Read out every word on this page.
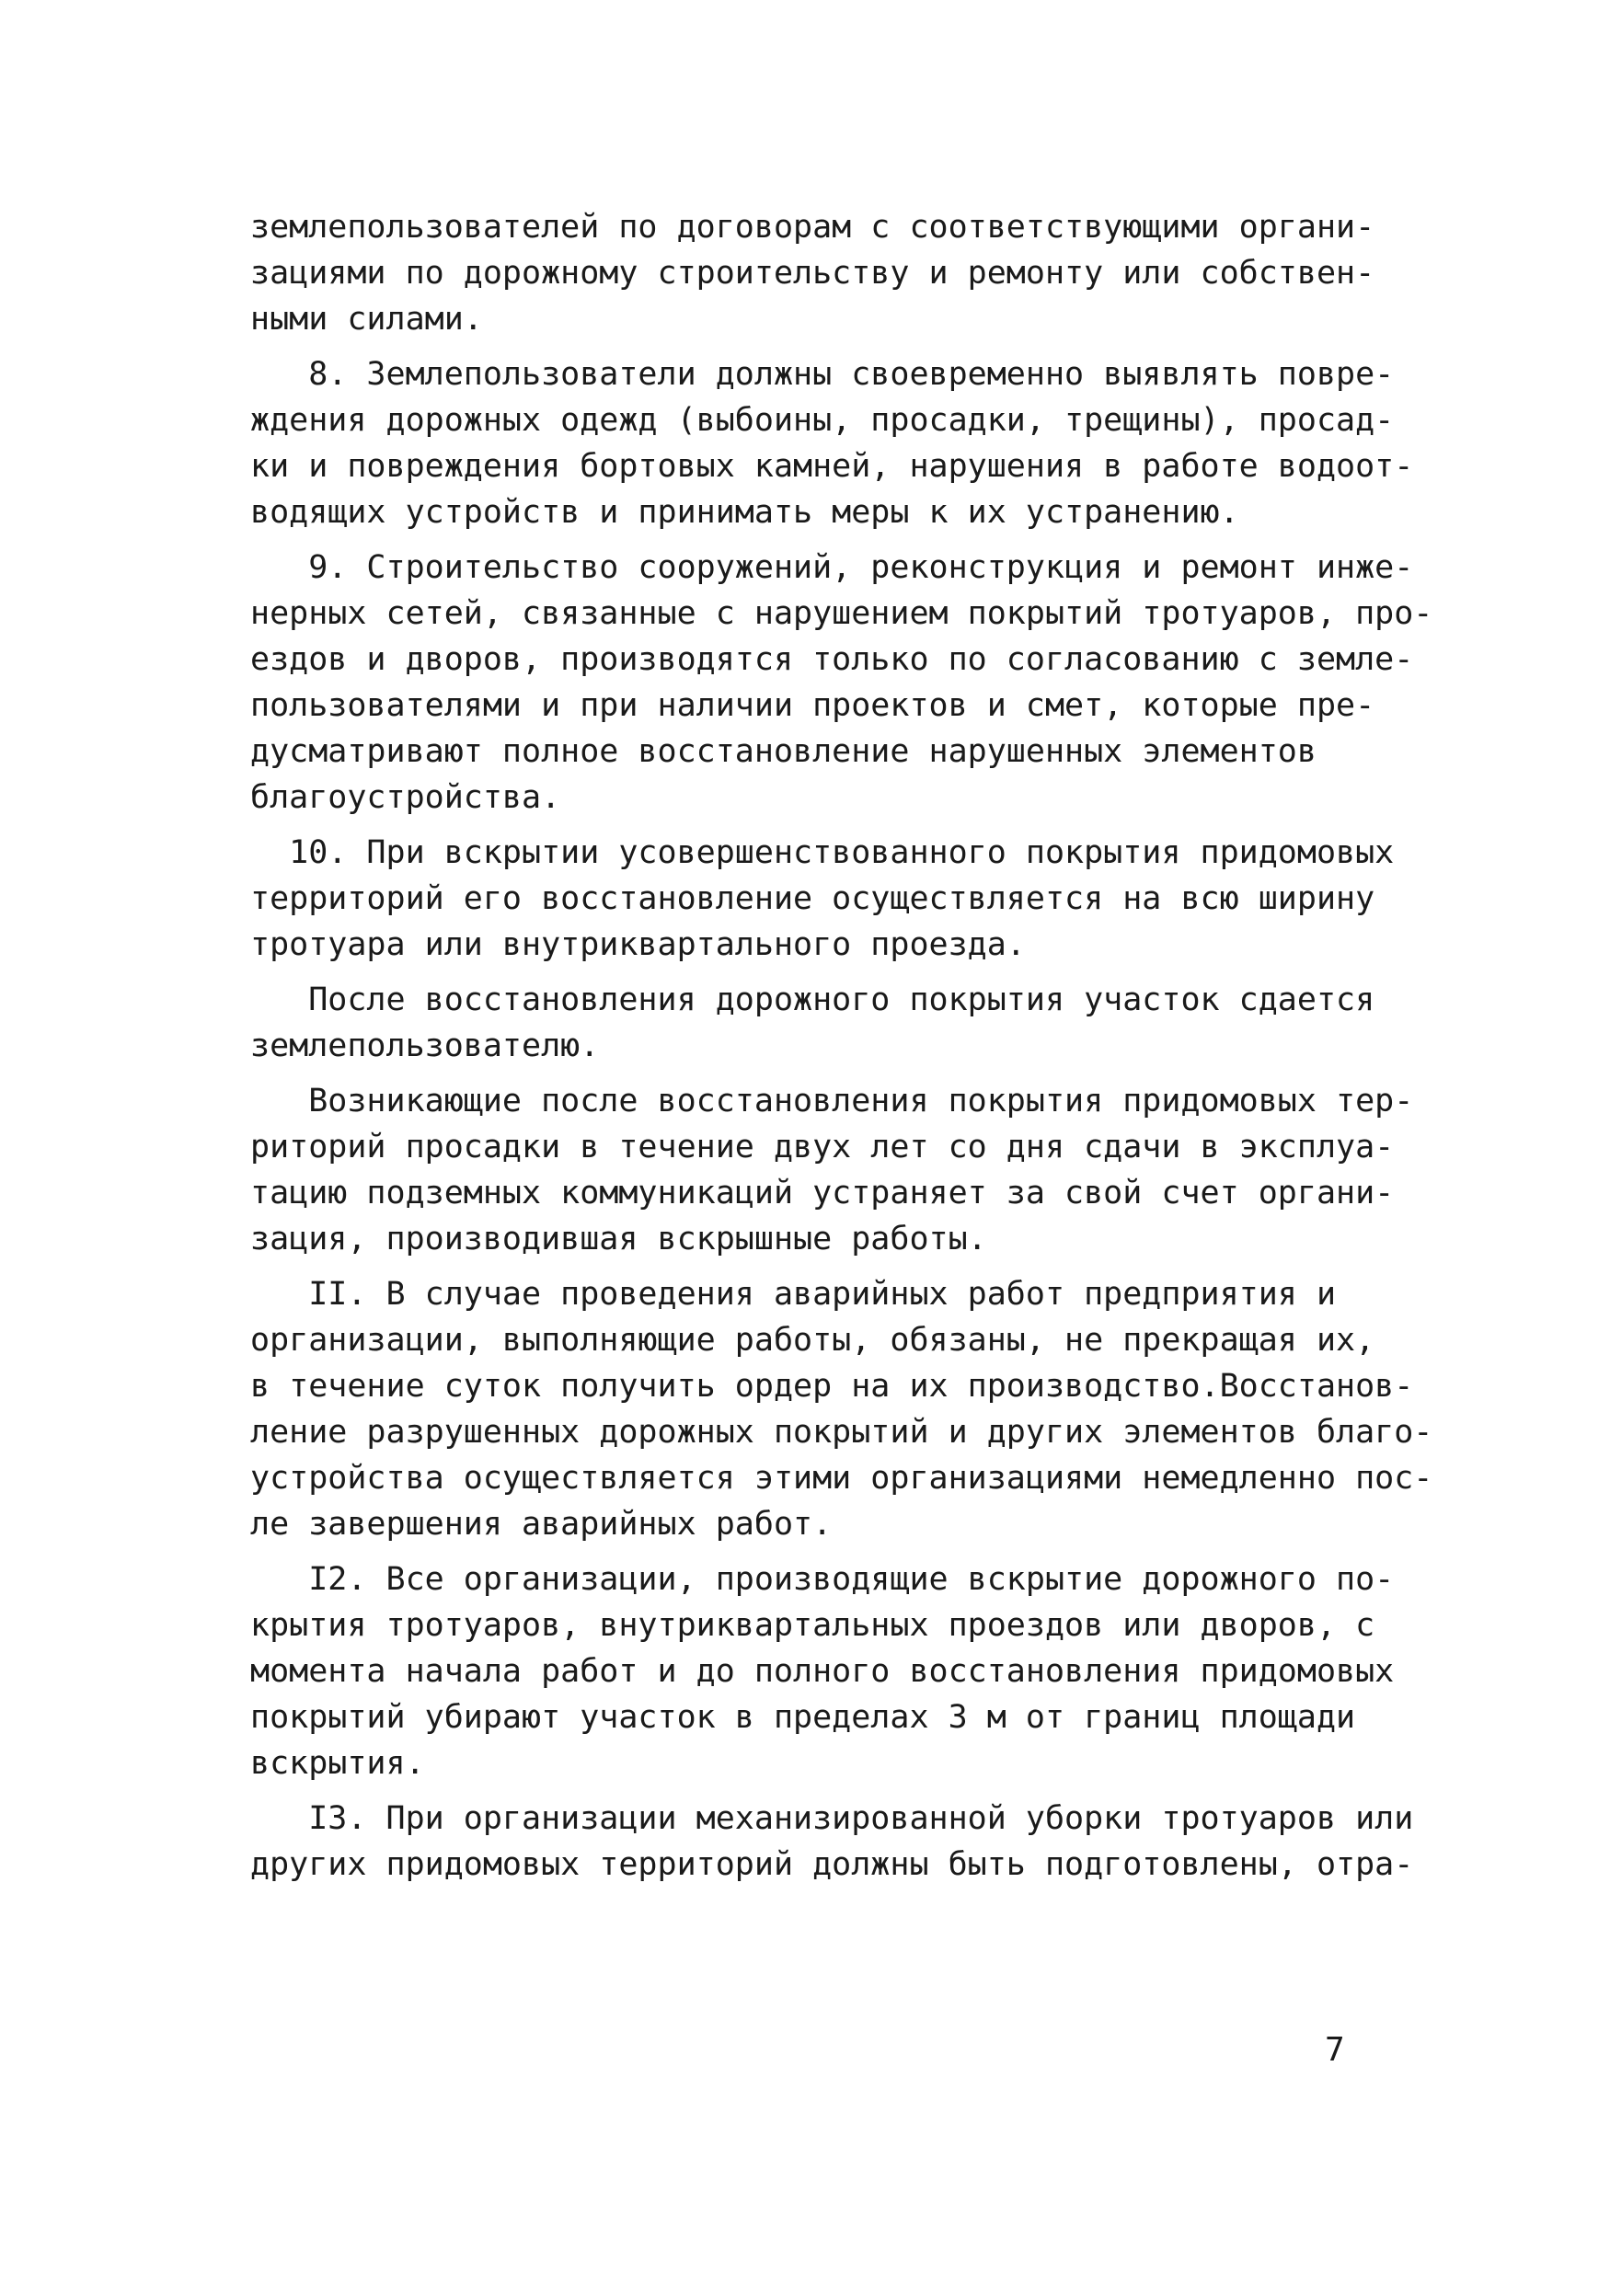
землепользователей по договорам с соответствующими органи-
зациями по дорожному строительству и ремонту или собствен-
ными силами.
8. Землепользователи должны своевременно выявлять повре-
ждения дорожных одежд (выбоины, просадки, трещины), просад-
ки и повреждения бортовых камней, нарушения в работе водоот-
водящих устройств и принимать меры к их устранению.
9. Строительство сооружений, реконструкция и ремонт инже-
нерных сетей, связанные с нарушением покрытий тротуаров, про-
ездов и дворов, производятся только по согласованию с земле-
пользователями и при наличии проектов и смет, которые пре-
дусматривают полное восстановление нарушенных элементов
благоустройства.
10. При вскрытии усовершенствованного покрытия придомовых
территорий его восстановление осуществляется на всю ширину
тротуара или внутриквартального проезда.
После восстановления дорожного покрытия участок сдается
землепользователю.
Возникающие после восстановления покрытия придомовых тер-
риторий просадки в течение двух лет со дня сдачи в эксплуа-
тацию подземных коммуникаций устраняет за свой счет органи-
зация, производившая вскрышные работы.
II. В случае проведения аварийных работ предприятия и
организации, выполняющие работы, обязаны, не прекращая их,
в течение суток получить ордер на их производство.Восстанов-
ление разрушенных дорожных покрытий и других элементов благо-
устройства осуществляется этими организациями немедленно пос-
ле завершения аварийных работ.
I2. Все организации, производящие вскрытие дорожного по-
крытия тротуаров, внутриквартальных проездов или дворов, с
момента начала работ и до полного восстановления придомовых
покрытий убирают участок в пределах 3 м от границ площади
вскрытия.
I3. При организации механизированной уборки тротуаров или
других придомовых территорий должны быть подготовлены, отра-
7
